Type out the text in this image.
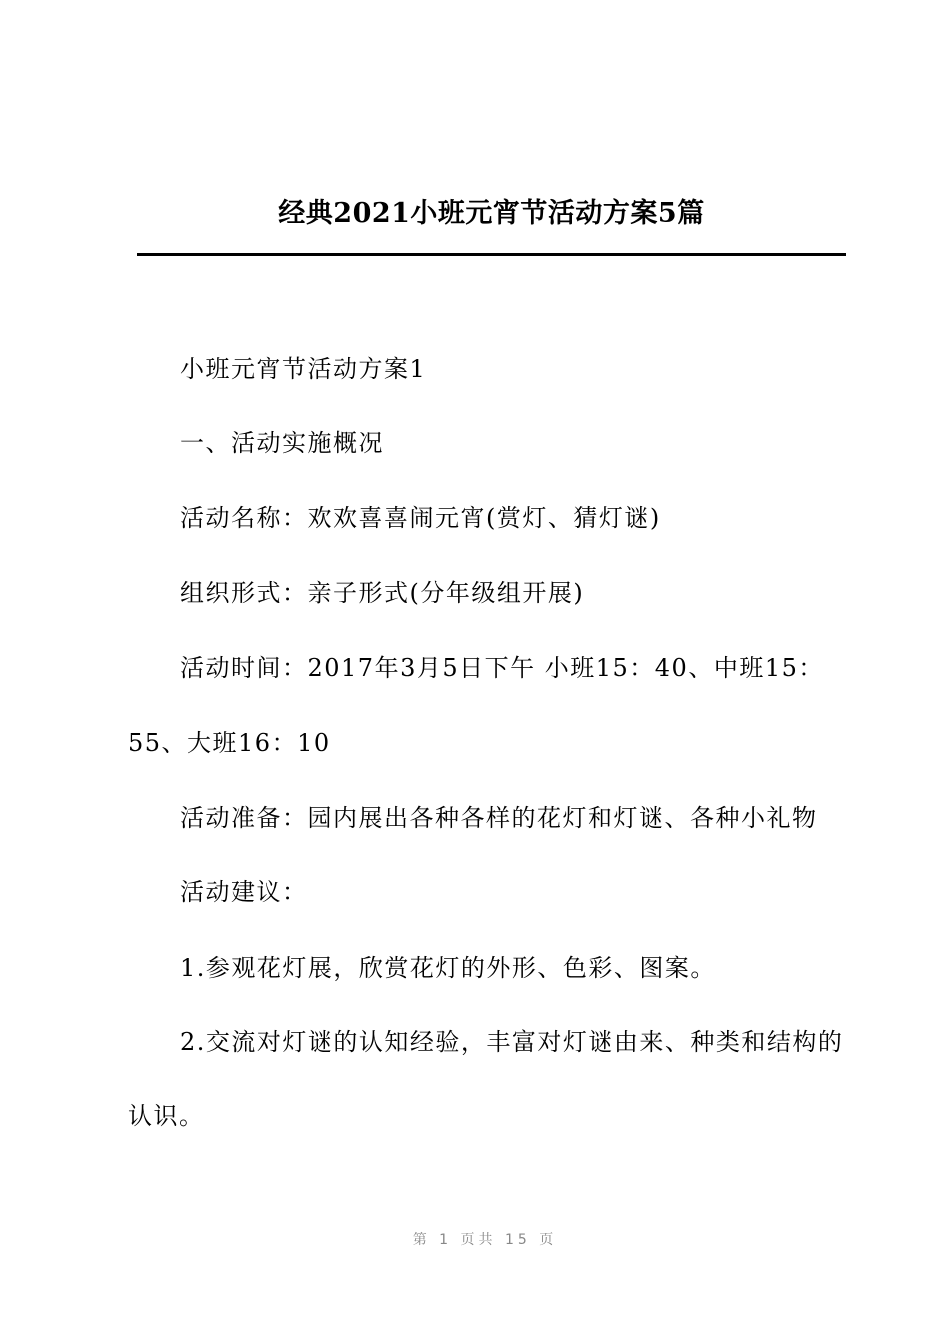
经典2021小班元宵节活动方案5篇

小班元宵节活动方案1

一、活动实施概况

活动名称：欢欢喜喜闹元宵(赏灯、猜灯谜)

组织形式：亲子形式(分年级组开展)

活动时间：2017年3月5日下午 小班15：40、中班15：

55、大班16：10

活动准备：园内展出各种各样的花灯和灯谜、各种小礼物

活动建议：

1.参观花灯展，欣赏花灯的外形、色彩、图案。

2.交流对灯谜的认知经验，丰富对灯谜由来、种类和结构的

认识。

第 1 页共 15 页
